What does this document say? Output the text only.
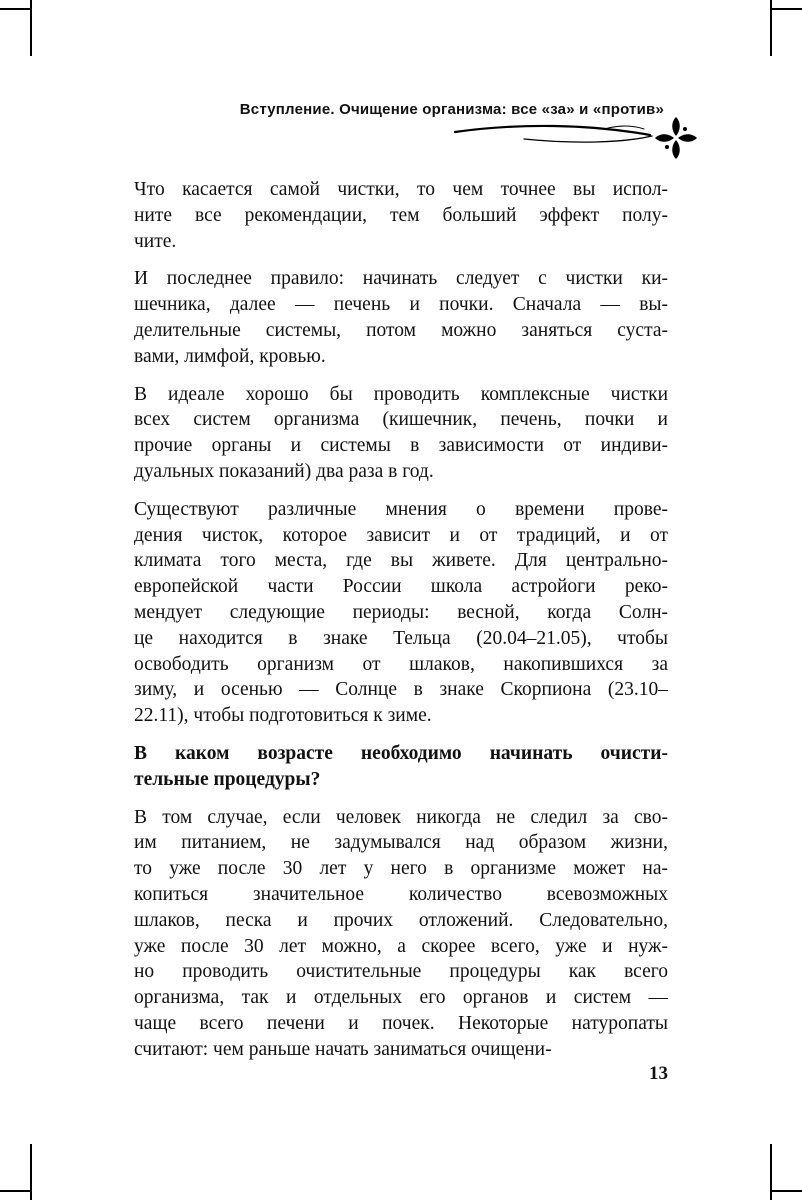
Вступление. Очищение организма: все «за» и «против»
Что касается самой чистки, то чем точнее вы испол-
ните все рекомендации, тем больший эффект полу-
чите.
И последнее правило: начинать следует с чистки ки-
шечника, далее — печень и почки. Сначала — вы-
делительные системы, потом можно заняться суста-
вами, лимфой, кровью.
В идеале хорошо бы проводить комплексные чистки
всех систем организма (кишечник, печень, почки и
прочие органы и системы в зависимости от индиви-
дуальных показаний) два раза в год.
Существуют различные мнения о времени прове-
дения чисток, которое зависит и от традиций, и от
климата того места, где вы живете. Для центрально-
европейской части России школа астройоги реко-
мендует следующие периоды: весной, когда Солн-
це находится в знаке Тельца (20.04–21.05), чтобы
освободить организм от шлаков, накопившихся за
зиму, и осенью — Солнце в знаке Скорпиона (23.10–
22.11), чтобы подготовиться к зиме.
В каком возрасте необходимо начинать очисти-
тельные процедуры?
В том случае, если человек никогда не следил за сво-
им питанием, не задумывался над образом жизни,
то уже после 30 лет у него в организме может на-
копиться значительное количество всевозможных
шлаков, песка и прочих отложений. Следовательно,
уже после 30 лет можно, а скорее всего, уже и нуж-
но проводить очистительные процедуры как всего
организма, так и отдельных его органов и систем —
чаще всего печени и почек. Некоторые натуропаты
считают: чем раньше начать заниматься очищени-
13
